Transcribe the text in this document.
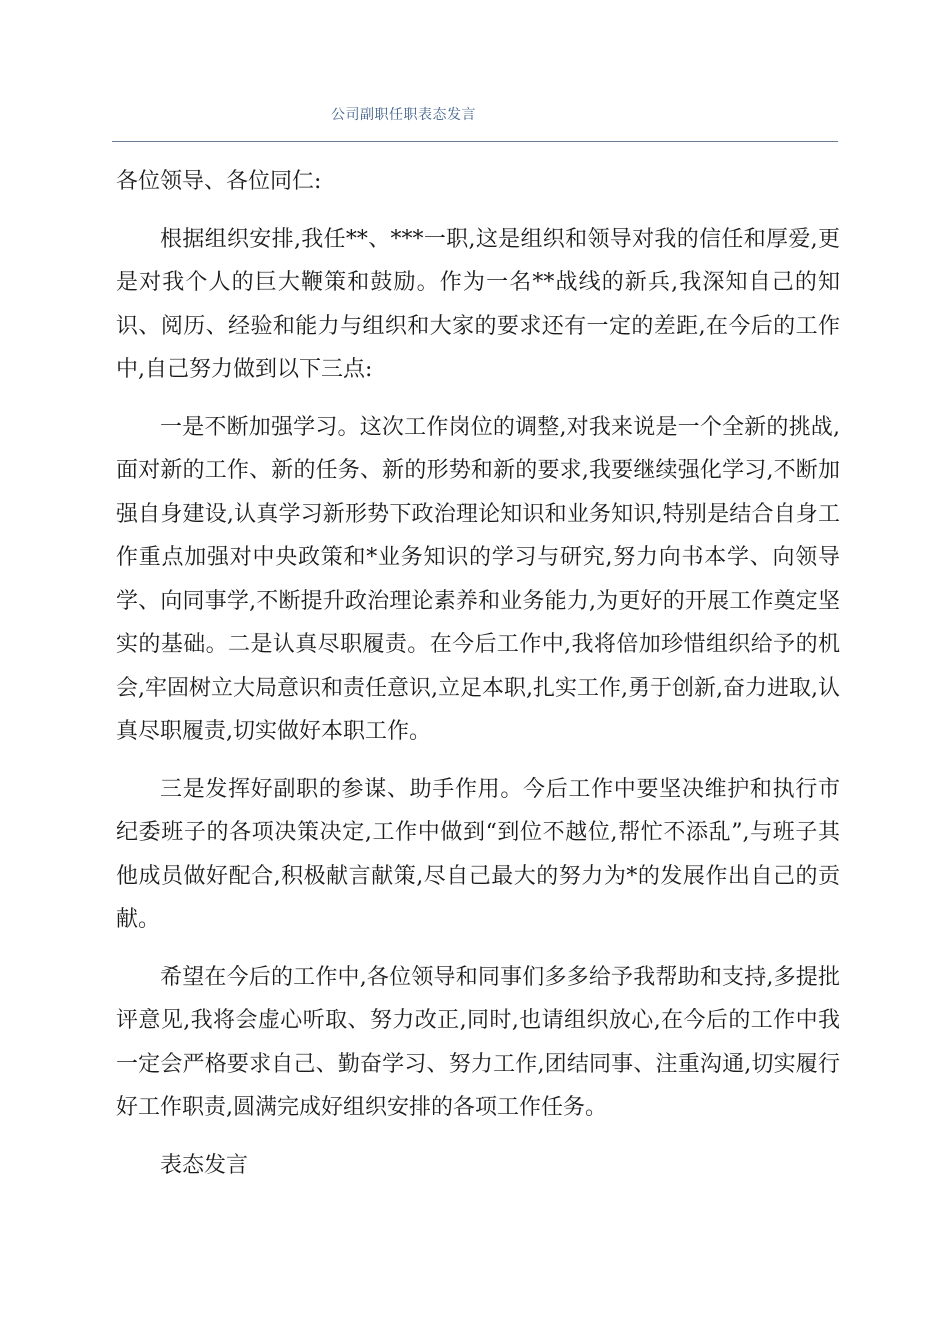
公司副职任职表态发言

各位领导、各位同仁:

根据组织安排,我任**、***一职,这是组织和领导对我的信任和厚爱,更是对我个人的巨大鞭策和鼓励。作为一名**战线的新兵,我深知自己的知识、阅历、经验和能力与组织和大家的要求还有一定的差距,在今后的工作中,自己努力做到以下三点:

一是不断加强学习。这次工作岗位的调整,对我来说是一个全新的挑战,面对新的工作、新的任务、新的形势和新的要求,我要继续强化学习,不断加强自身建设,认真学习新形势下政治理论知识和业务知识,特别是结合自身工作重点加强对中央政策和*业务知识的学习与研究,努力向书本学、向领导学、向同事学,不断提升政治理论素养和业务能力,为更好的开展工作奠定坚实的基础。二是认真尽职履责。在今后工作中,我将倍加珍惜组织给予的机会,牢固树立大局意识和责任意识,立足本职,扎实工作,勇于创新,奋力进取,认真尽职履责,切实做好本职工作。

三是发挥好副职的参谋、助手作用。今后工作中要坚决维护和执行市纪委班子的各项决策决定,工作中做到“到位不越位,帮忙不添乱”,与班子其他成员做好配合,积极献言献策,尽自己最大的努力为*的发展作出自己的贡献。

希望在今后的工作中,各位领导和同事们多多给予我帮助和支持,多提批评意见,我将会虚心听取、努力改正,同时,也请组织放心,在今后的工作中我一定会严格要求自己、勤奋学习、努力工作,团结同事、注重沟通,切实履行好工作职责,圆满完成好组织安排的各项工作任务。

表态发言
